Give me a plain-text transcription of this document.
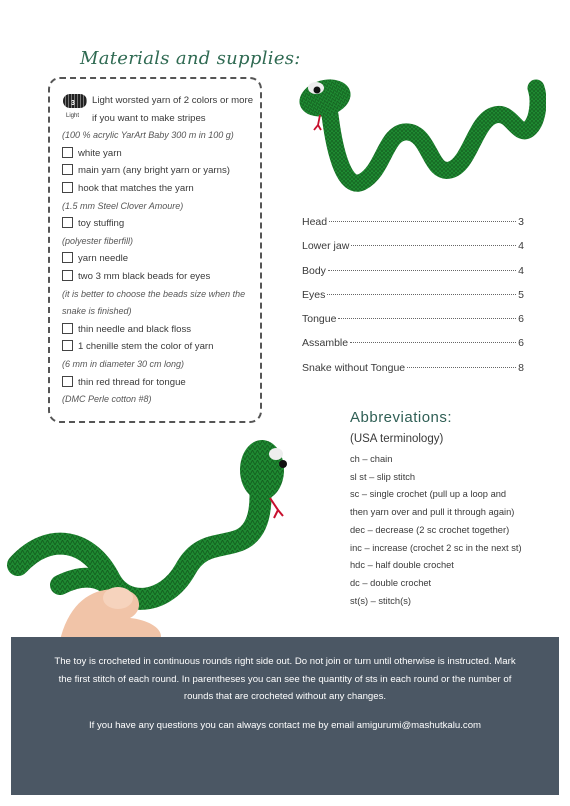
Materials and supplies:
3
Light
Light worsted yarn of 2 colors or more if you want to make stripes
(100 % acrylic YarArt Baby 300 m in 100 g)
white yarn
main yarn (any bright yarn or yarns)
hook that matches the yarn
(1.5 mm Steel Clover Amoure)
toy stuffing
(polyester fiberfill)
yarn needle
two 3 mm black beads for eyes
(it is better to choose the beads size when the snake is finished)
thin needle and black floss
1 chenille stem the color of yarn
(6 mm in diameter 30 cm long)
thin red thread for tongue
(DMC Perle cotton #8)
Head	3
Lower jaw	4
Body	4
Eyes	5
Tongue	6
Assamble	6
Snake without Tongue	8
Abbreviations:
(USA terminology)
ch – chain
sl st – slip stitch
sc – single crochet (pull up a loop and
then yarn over and pull it through again)
dec – decrease (2 sc crochet together)
inc – increase (crochet 2 sc in the next st)
hdc – half double crochet
dc – double crochet
st(s) – stitch(s)

The toy is crocheted in continuous rounds right side out. Do not join or turn until otherwise is instructed. Mark the first stitch of each round. In parentheses you can see the quantity of sts in each round or the number of rounds that are crocheted without any changes.

If you have any questions you can always contact me by email amigurumi@mashutkalu.com
